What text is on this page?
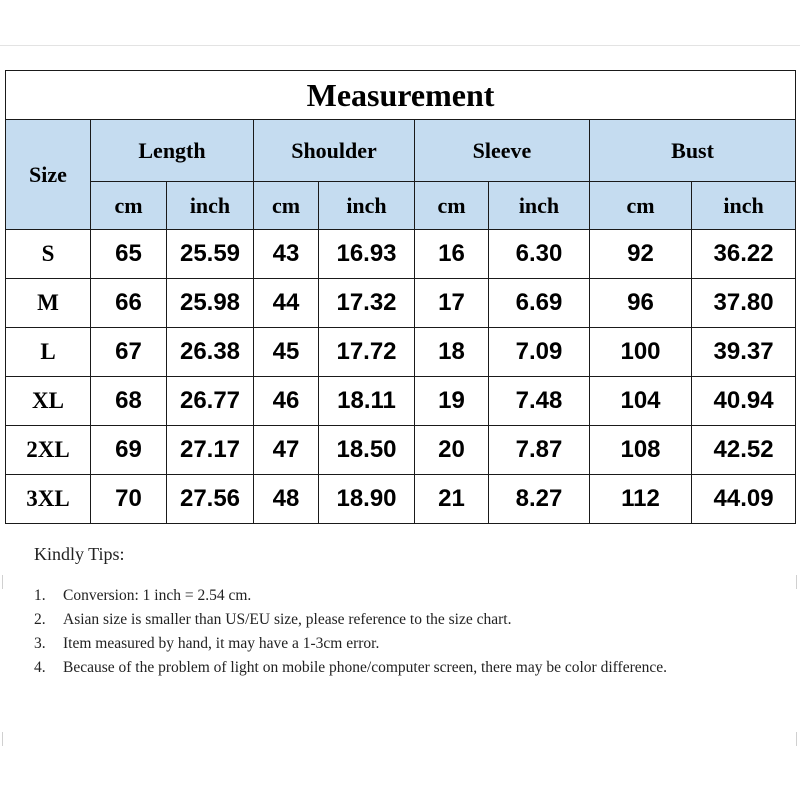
Measurement								
Size	Length		Shoulder		Sleeve		Bust	
	cm	inch	cm	inch	cm	inch	cm	inch
S	65	25.59	43	16.93	16	6.30	92	36.22
M	66	25.98	44	17.32	17	6.69	96	37.80
L	67	26.38	45	17.72	18	7.09	100	39.37
XL	68	26.77	46	18.11	19	7.48	104	40.94
2XL	69	27.17	47	18.50	20	7.87	108	42.52
3XL	70	27.56	48	18.90	21	8.27	112	44.09
Kindly Tips:
1.	Conversion: 1 inch = 2.54 cm.
2.	Asian size is smaller than US/EU size, please reference to the size chart.
3.	Item measured by hand, it may have a 1-3cm error.
4.	Because of the problem of light on mobile phone/computer screen, there may be color difference.
